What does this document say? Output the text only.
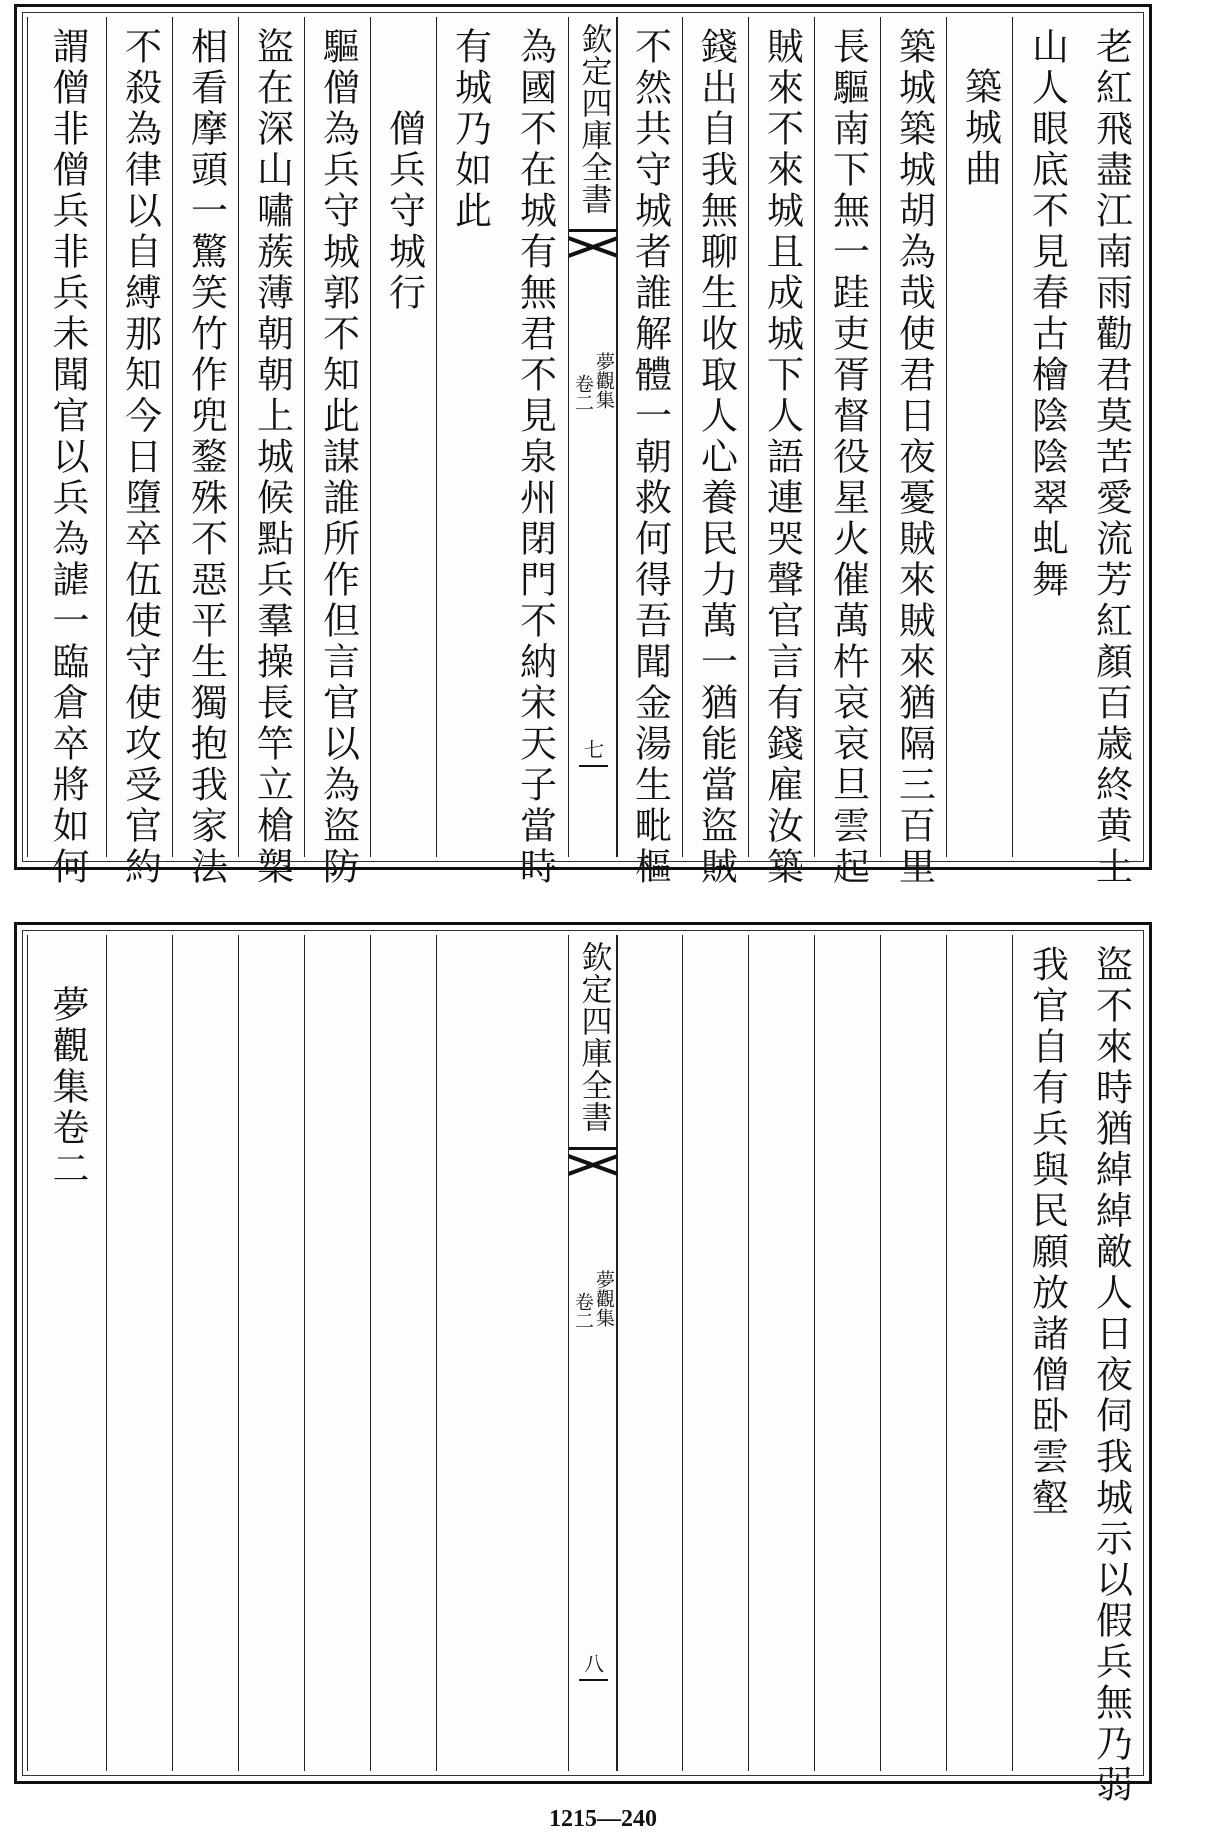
老紅飛盡江南雨勸君莫苦愛流芳紅顏百歳終黄土
山人眼底不見春古檜陰陰翠虬舞
築城曲
築城築城胡為哉使君日夜憂賊來賊來猶隔三百里
長驅南下無一跬吏胥督役星火催萬杵哀哀旦雲起
賊來不來城且成城下人語連哭聲官言有錢雇汝築
錢出自我無聊生收取人心養民力萬一猶能當盜賊
不然共守城者誰解體一朝救何得吾聞金湯生毗樞
欽定四庫全書
夢觀集
卷二
七
為國不在城有無君不見泉州閉門不納宋天子當時
有城乃如此
僧兵守城行
驅僧為兵守城郭不知此謀誰所作但言官以為盜防
盜在深山嘯蔟薄朝朝上城候點兵羣操長竿立槍槊
相看摩頭一驚笑竹作兜鍪殊不惡平生獨抱我家法
不殺為律以自縛那知今日墮卒伍使守使攻受官約
謂僧非僧兵非兵未聞官以兵為謔一臨倉卒將如何
盜不來時猶綽綽敵人日夜伺我城示以假兵無乃弱
我官自有兵與民願放諸僧卧雲壑
欽定四庫全書
夢觀集
卷二
八
夢觀集卷二
1215—240
